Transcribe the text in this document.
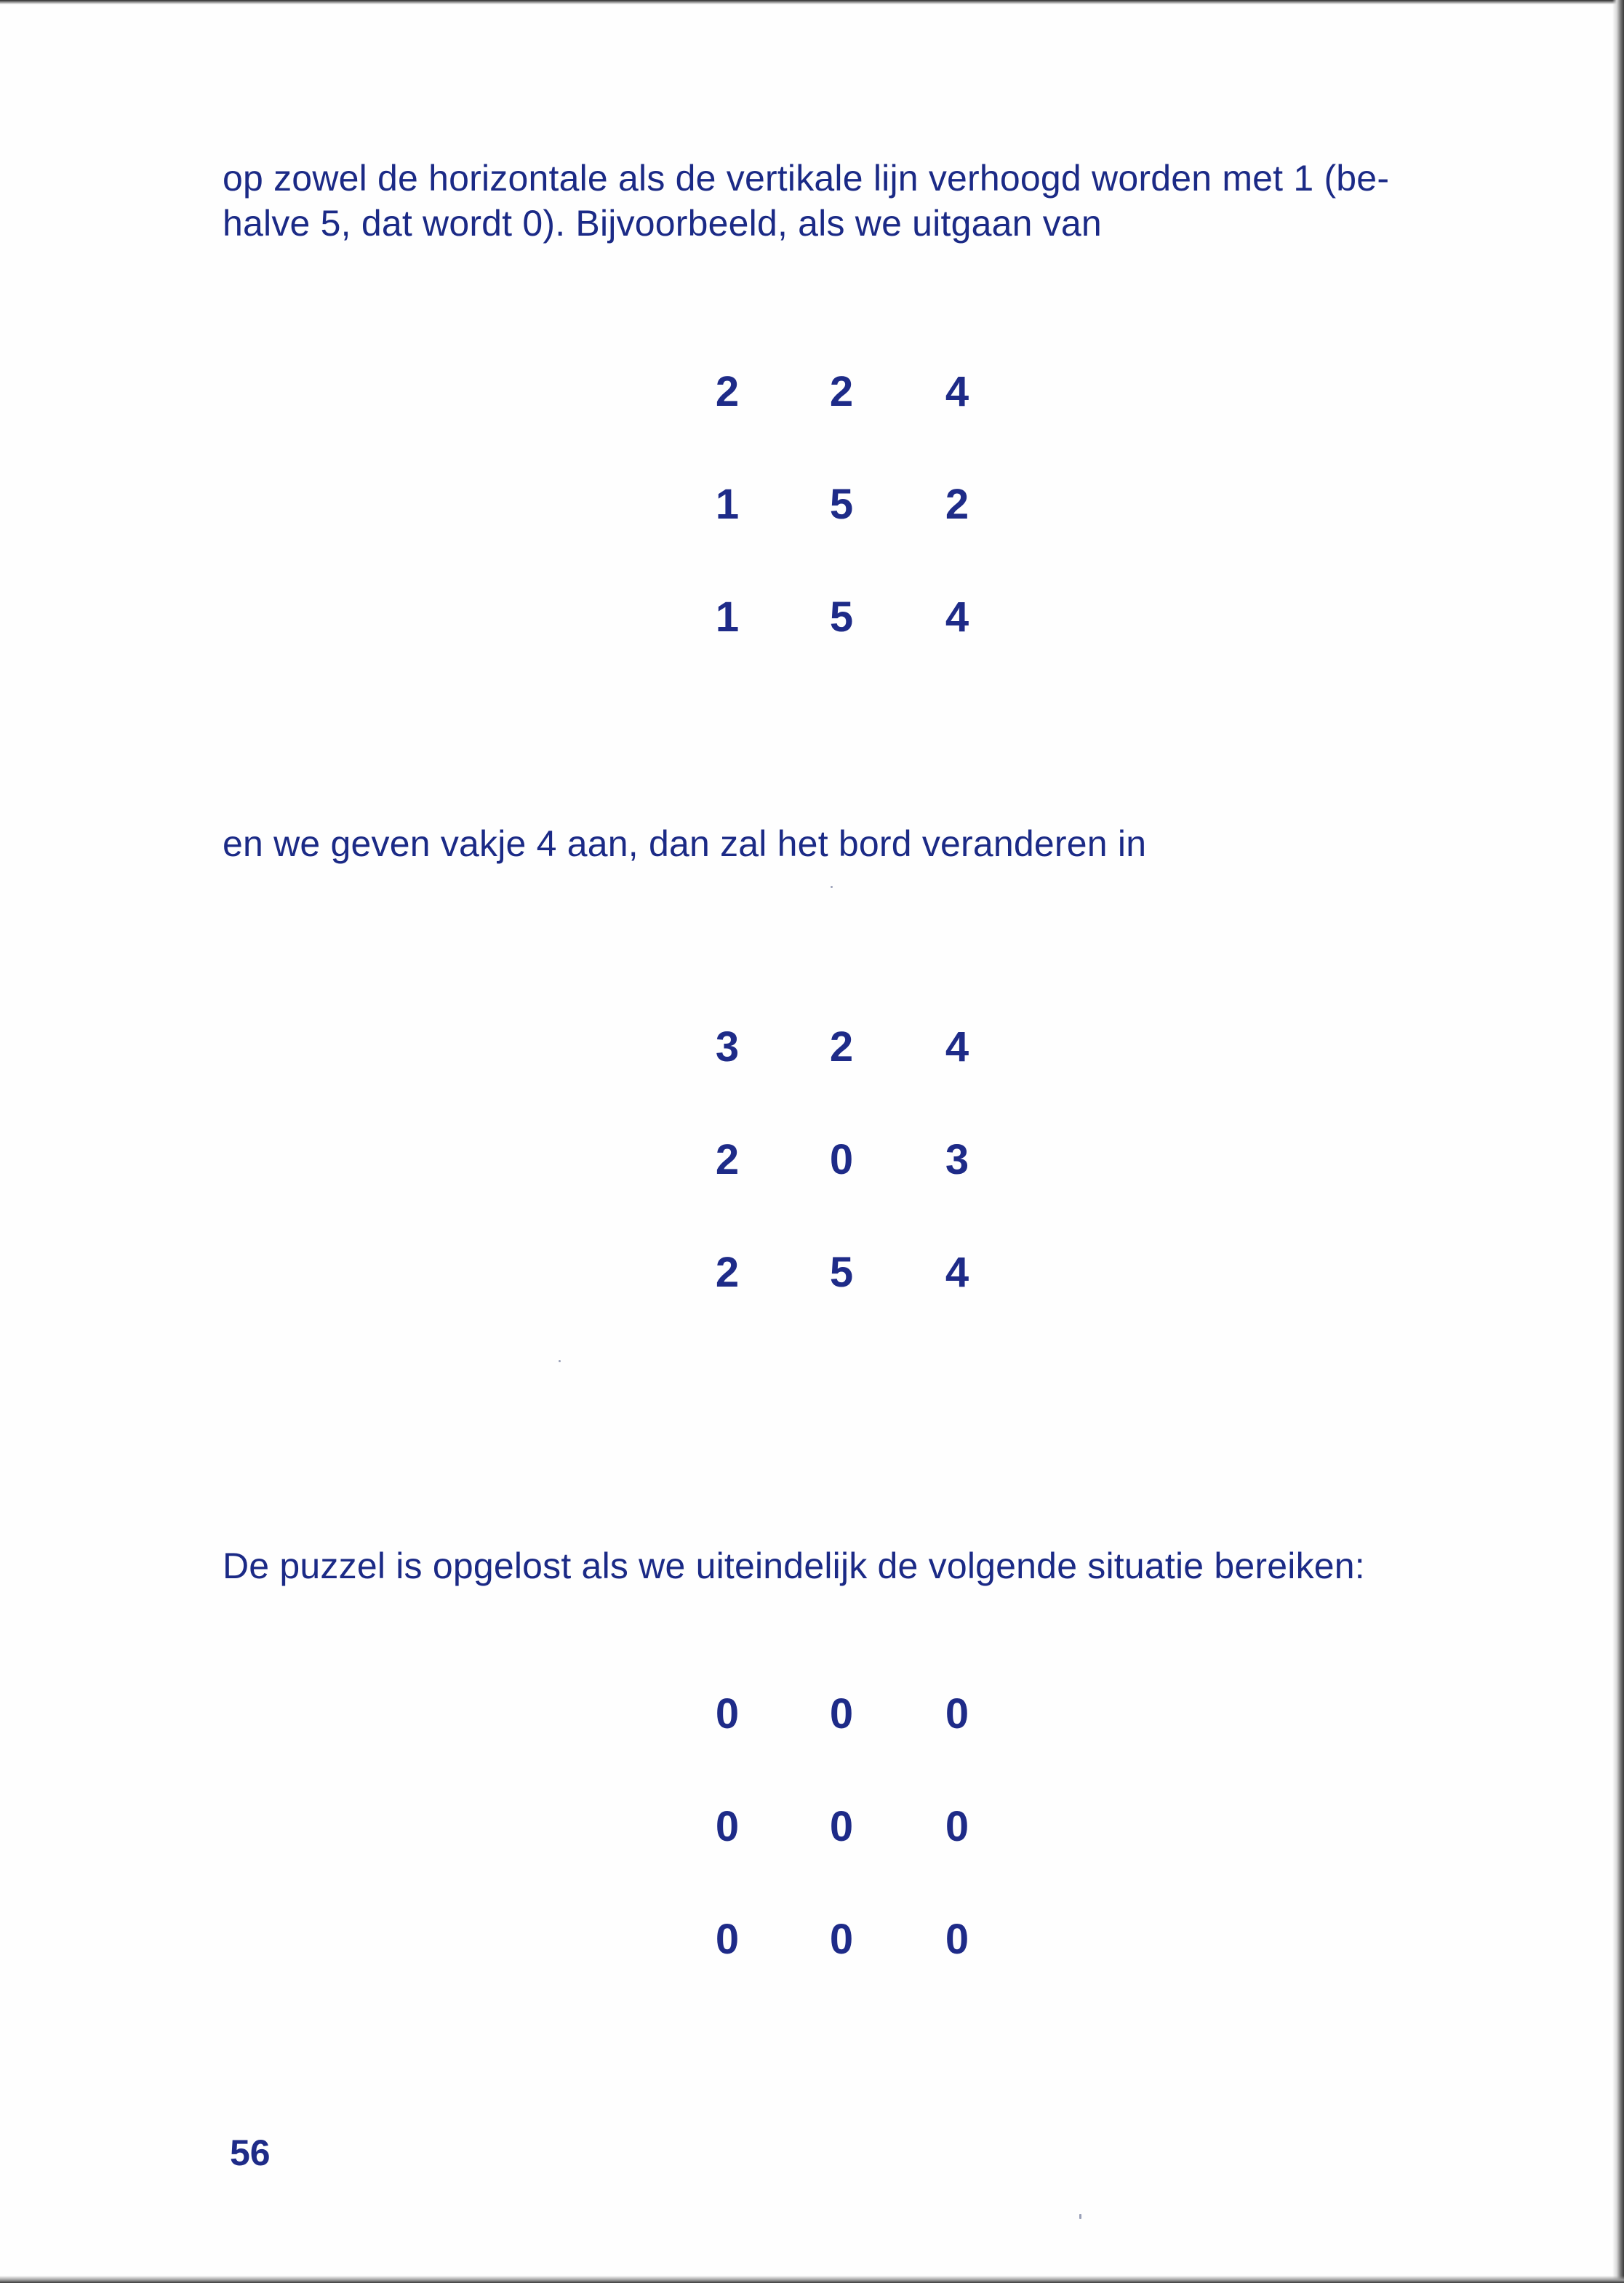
op zowel de horizontale als de vertikale lijn verhoogd worden met 1 (be-
halve 5, dat wordt 0). Bijvoorbeeld, als we uitgaan van

2	2	4
1	5	2
1	5	4

en we geven vakje 4 aan, dan zal het bord veranderen in

3	2	4
2	0	3
2	5	4

De puzzel is opgelost als we uiteindelijk de volgende situatie bereiken:

0	0	0
0	0	0
0	0	0
56
